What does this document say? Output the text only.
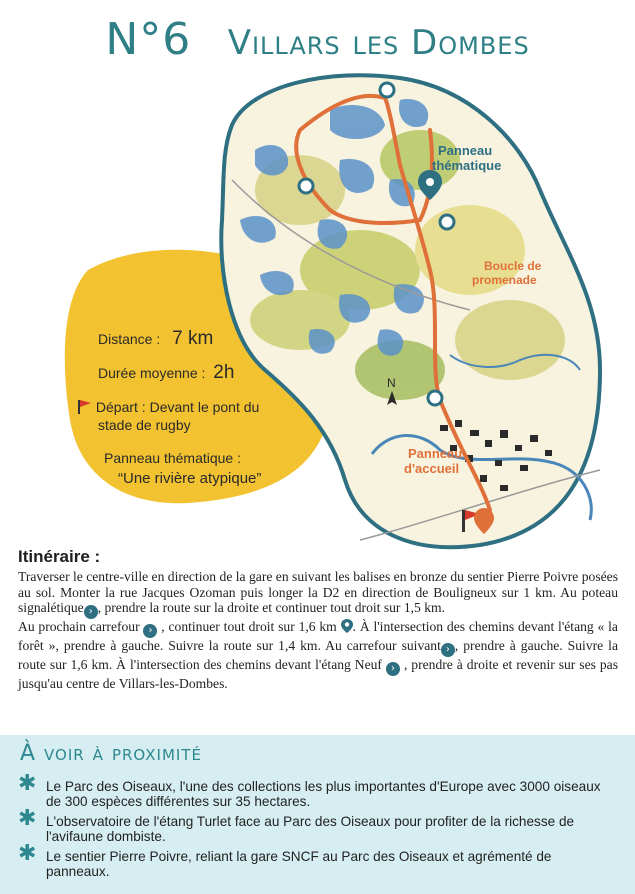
N°6 Villars les Dombes
N
Panneau
thématique
Boucle de
promenade
Panneau
d'accueil
Distance : 7 km
Durée moyenne : 2h
Départ : Devant le pont du
stade de rugby
Panneau thématique :
“Une rivière atypique”
Itinéraire :

Traverser le centre-ville en direction de la gare en suivant les balises en bronze du sentier Pierre Poivre posées au sol. Monter la rue Jacques Ozoman puis longer la D2 en direction de Bouligneux sur 1 km. Au poteau signalétique › , prendre la route sur la droite et continuer tout droit sur 1,5 km.
Au prochain carrefour › , continuer tout droit sur 1,6 km . À l'intersection des chemins devant l'étang « la forêt », prendre à gauche. Suivre la route sur 1,4 km. Au carrefour suivant › , prendre à gauche. Suivre la route sur 1,6 km. À l'intersection des chemins devant l'étang Neuf › , prendre à droite et revenir sur ses pas jusqu'au centre de Villars-les-Dombes.

À voir à proximité
✱ Le Parc des Oiseaux, l'une des collections les plus importantes d'Europe avec 3000 oiseaux de 300 espèces différentes sur 35 hectares.
✱ L'observatoire de l'étang Turlet face au Parc des Oiseaux pour profiter de la richesse de l'avifaune dombiste.
✱ Le sentier Pierre Poivre, reliant la gare SNCF au Parc des Oiseaux et agrémenté de panneaux.
